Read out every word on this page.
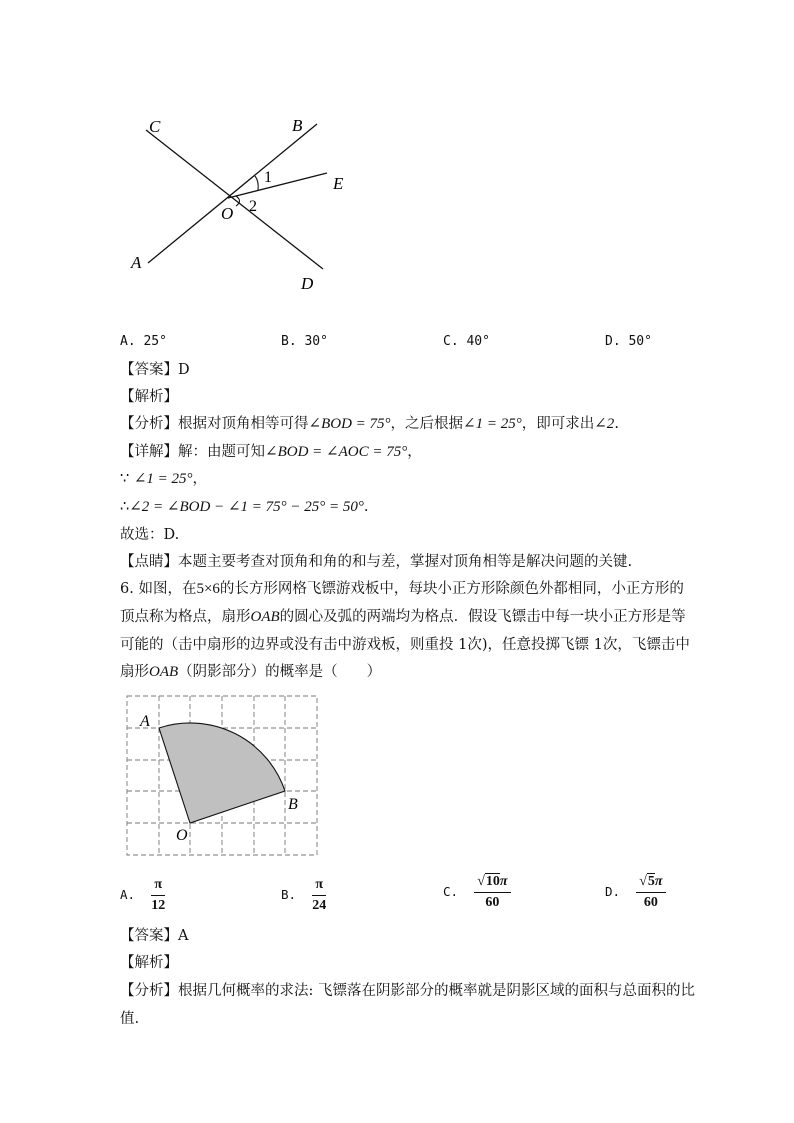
C	B
E
O
A
D
1
2
A. 25°	B. 30°	C. 40°	D. 50°
【答案】D
【解析】
【分析】根据对顶角相等可得∠BOD = 75°，之后根据∠1 = 25°，即可求出∠2.
【详解】解：由题可知∠BOD = ∠AOC = 75°，
∵ ∠1 = 25°，
∴∠2 = ∠BOD − ∠1 = 75° − 25° = 50°.
故选：D.
【点睛】本题主要考查对顶角和角的和与差，掌握对顶角相等是解决问题的关键.
6. 如图，在5×6的长方形网格飞镖游戏板中，每块小正方形除颜色外都相同，小正方形的
顶点称为格点，扇形OAB的圆心及弧的两端均为格点．假设飞镖击中每一块小正方形是等
可能的（击中扇形的边界或没有击中游戏板，则重投 1次)，任意投掷飞镖 1次，飞镖击中
扇形OAB（阴影部分）的概率是（　　）
A
B
O
A. $\frac{\pi}{12}$	B. $\frac{\pi}{24}$	C. $\frac{√10\pi}{60}$	D. $\frac{√5\pi}{60}$
【答案】A
【解析】
【分析】根据几何概率的求法: 飞镖落在阴影部分的概率就是阴影区域的面积与总面积的比
值.
